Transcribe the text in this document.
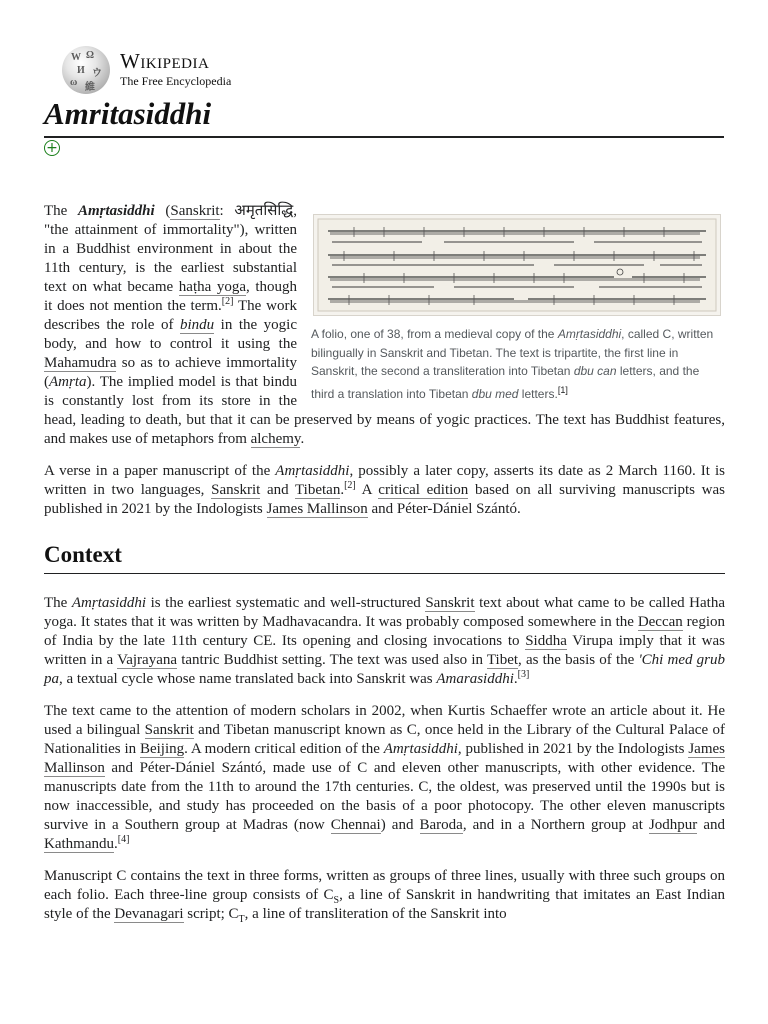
W Ω
И ウ
ω 維
Wikipedia
The Free Encyclopedia
Amritasiddhi
+
A folio, one of 38, from a medieval copy of the Amṛtasiddhi, called C, written bilingually in Sanskrit and Tibetan. The text is tripartite, the first line in Sanskrit, the second a transliteration into Tibetan dbu can letters, and the third a translation into Tibetan dbu med letters.[1]

The Amṛtasiddhi (Sanskrit: अमृतसिद्धि, "the attainment of immortality"), written in a Buddhist environment in about the 11th century, is the earliest substantial text on what became haṭha yoga, though it does not mention the term.[2] The work describes the role of bindu in the yogic body, and how to control it using the Mahamudra so as to achieve immortality (Amṛta). The implied model is that bindu is constantly lost from its store in the head, leading to death, but that it can be preserved by means of yogic practices. The text has Buddhist features, and makes use of metaphors from alchemy.

A verse in a paper manuscript of the Amṛtasiddhi, possibly a later copy, asserts its date as 2 March 1160. It is written in two languages, Sanskrit and Tibetan.[2] A critical edition based on all surviving manuscripts was published in 2021 by the Indologists James Mallinson and Péter-Dániel Szántó.

Context

The Amṛtasiddhi is the earliest systematic and well-structured Sanskrit text about what came to be called Hatha yoga. It states that it was written by Madhavacandra. It was probably composed somewhere in the Deccan region of India by the late 11th century CE. Its opening and closing invocations to Siddha Virupa imply that it was written in a Vajrayana tantric Buddhist setting. The text was used also in Tibet, as the basis of the 'Chi med grub pa, a textual cycle whose name translated back into Sanskrit was Amarasiddhi.[3]

The text came to the attention of modern scholars in 2002, when Kurtis Schaeffer wrote an article about it. He used a bilingual Sanskrit and Tibetan manuscript known as C, once held in the Library of the Cultural Palace of Nationalities in Beijing. A modern critical edition of the Amṛtasiddhi, published in 2021 by the Indologists James Mallinson and Péter-Dániel Szántó, made use of C and eleven other manuscripts, with other evidence. The manuscripts date from the 11th to around the 17th centuries. C, the oldest, was preserved until the 1990s but is now inaccessible, and study has proceeded on the basis of a poor photocopy. The other eleven manuscripts survive in a Southern group at Madras (now Chennai) and Baroda, and in a Northern group at Jodhpur and Kathmandu.[4]

Manuscript C contains the text in three forms, written as groups of three lines, usually with three such groups on each folio. Each three-line group consists of $C_S$, a line of Sanskrit in handwriting that imitates an East Indian style of the Devanagari script; $C_T$, a line of transliteration of the Sanskrit into
